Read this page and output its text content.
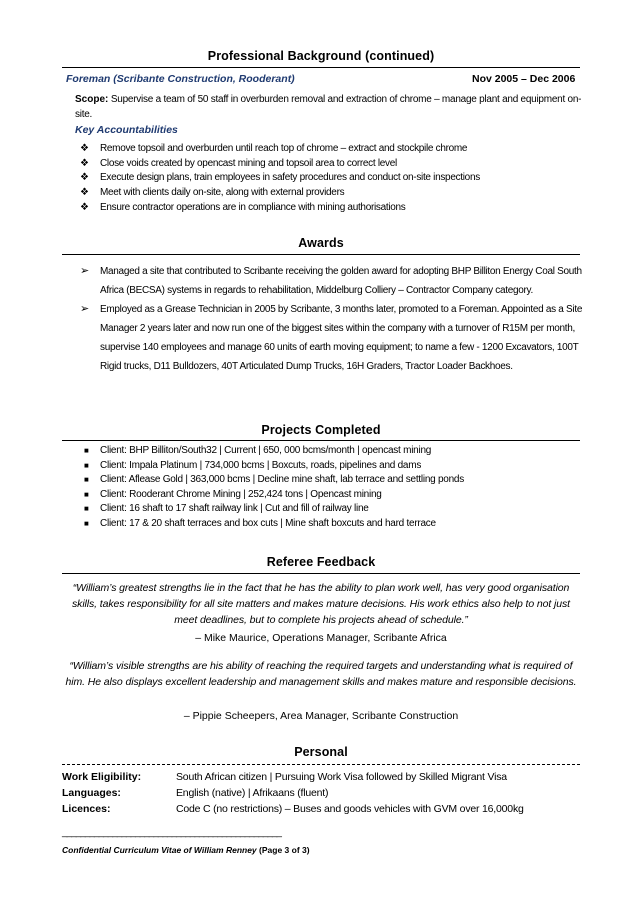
Professional Background (continued)
Foreman (Scribante Construction, Rooderant)	Nov 2005 – Dec 2006
Scope: Supervise a team of 50 staff in overburden removal and extraction of chrome – manage plant and equipment on-site.
Key Accountabilities
❖ Remove topsoil and overburden until reach top of chrome – extract and stockpile chrome
❖ Close voids created by opencast mining and topsoil area to correct level
❖ Execute design plans, train employees in safety procedures and conduct on-site inspections
❖ Meet with clients daily on-site, along with external providers
❖ Ensure contractor operations are in compliance with mining authorisations
Awards
➢ Managed a site that contributed to Scribante receiving the golden award for adopting BHP Billiton Energy Coal South Africa (BECSA) systems in regards to rehabilitation, Middelburg Colliery – Contractor Company category.
➢ Employed as a Grease Technician in 2005 by Scribante, 3 months later, promoted to a Foreman. Appointed as a Site Manager 2 years later and now run one of the biggest sites within the company with a turnover of R15M per month, supervise 140 employees and manage 60 units of earth moving equipment; to name a few - 1200 Excavators, 100T Rigid trucks, D11 Bulldozers, 40T Articulated Dump Trucks, 16H Graders, Tractor Loader Backhoes.
Projects Completed
■ Client: BHP Billiton/South32 | Current | 650, 000 bcms/month | opencast mining
■ Client: Impala Platinum | 734,000 bcms | Boxcuts, roads, pipelines and dams
■ Client: Aflease Gold | 363,000 bcms | Decline mine shaft, lab terrace and settling ponds
■ Client: Rooderant Chrome Mining | 252,424 tons | Opencast mining
■ Client: 16 shaft to 17 shaft railway link | Cut and fill of railway line
■ Client: 17 & 20 shaft terraces and box cuts | Mine shaft boxcuts and hard terrace
Referee Feedback
“William’s greatest strengths lie in the fact that he has the ability to plan work well, has very good organisation skills, takes responsibility for all site matters and makes mature decisions. His work ethics also help to not just meet deadlines, but to complete his projects ahead of schedule.”
– Mike Maurice, Operations Manager, Scribante Africa
“William’s visible strengths are his ability of reaching the required targets and understanding what is required of him. He also displays excellent leadership and management skills and makes mature and responsible decisions.
– Pippie Scheepers, Area Manager, Scribante Construction
Personal
Work Eligibility:	South African citizen | Pursuing Work Visa followed by Skilled Migrant Visa
Languages:	English (native) | Afrikaans (fluent)
Licences:	Code C (no restrictions) – Buses and goods vehicles with GVM over 16,000kg
________________________________________________
Confidential Curriculum Vitae of William Renney (Page 3 of 3)
